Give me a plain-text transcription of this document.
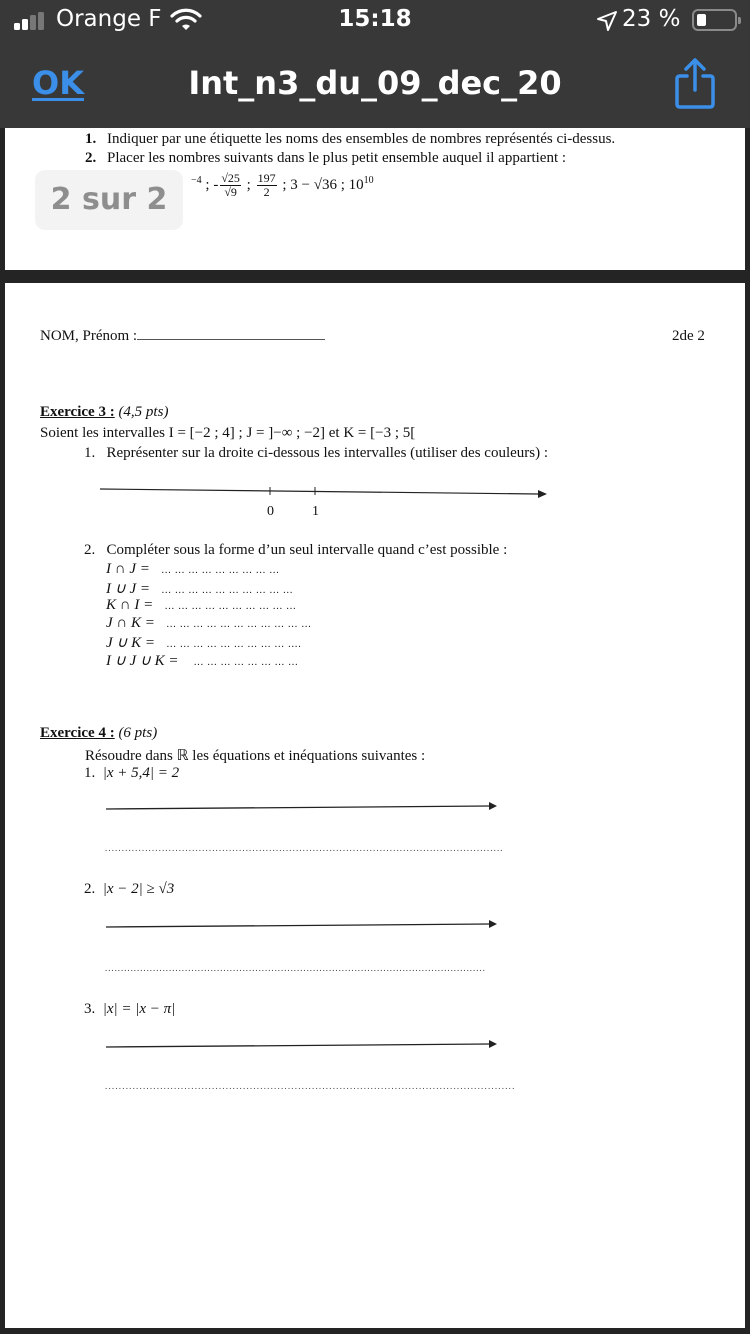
Orange F	15:18	23 %
Int_n3_du_09_dec_20
OK
1. Indiquer par une étiquette les noms des ensembles de nombres représentés ci-dessus.
2. Placer les nombres suivants dans le plus petit ensemble auquel il appartient :
$^{-4}$ ; - $\frac{√25}{√9}$ ; $\frac{197}{2}$ ; 3 − √36 ; $10^{10}$
2 sur 2
NOM, Prénom :	2de 2
Exercice 3 : (4,5 pts)
Soient les intervalles I = [−2 ; 4] ; J = ]−∞ ; −2] et K = [−3 ; 5[
1. Représenter sur la droite ci-dessous les intervalles (utiliser des couleurs) :
0	1
2. Compléter sous la forme d’un seul intervalle quand c’est possible :
I ∩ J = … … … … … … … … …
I ∪ J = … … … … … … … … … …
K ∩ I = … … … … … … … … … …
J ∩ K = … … … … … … … … … … …
J ∪ K = … … … … … … … … … ….
I ∪ J ∪ K = … … … … … … … …
Exercice 4 : (6 pts)
Résoudre dans ℝ les équations et inéquations suivantes :
1. |x + 5,4| = 2
.......................................................................................................................
2. |x − 2| ≥ √3
.......................................................................................................................
3. |x| = |x − π|
.......................................................................................................................
